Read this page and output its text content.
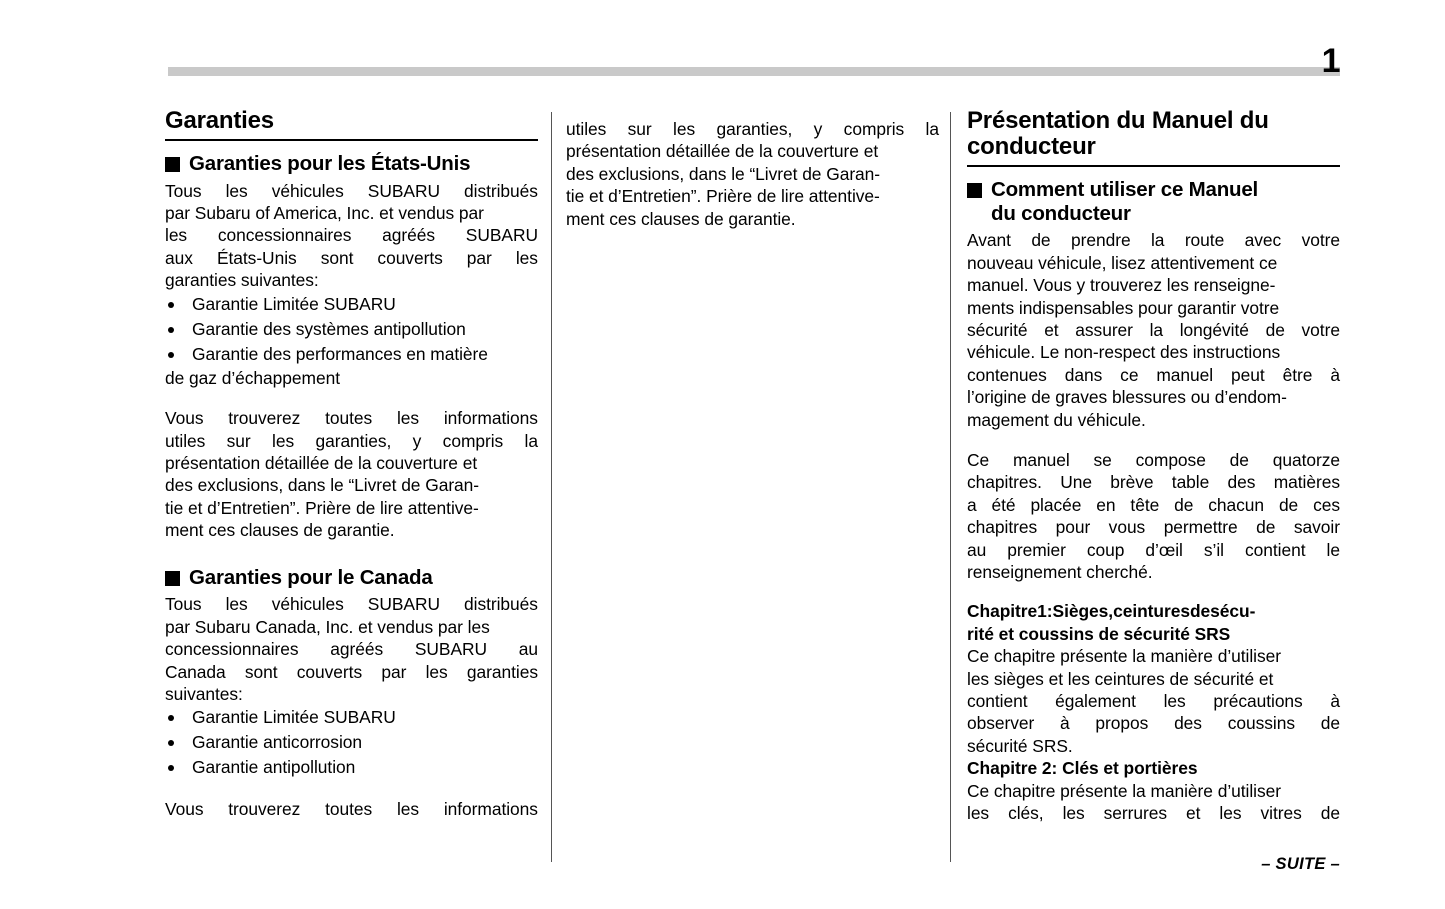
1
Garanties
Garanties pour les États-Unis
Tous les véhicules SUBARU distribués
par Subaru of America, Inc. et vendus par
les concessionnaires agréés SUBARU
aux États-Unis sont couverts par les
garanties suivantes:
Garantie Limitée SUBARU
Garantie des systèmes antipollution
Garantie des performances en matière
de gaz d’échappement
Vous trouverez toutes les informations
utiles sur les garanties, y compris la
présentation détaillée de la couverture et
des exclusions, dans le “Livret de Garan-
tie et d’Entretien”. Prière de lire attentive-
ment ces clauses de garantie.
Garanties pour le Canada
Tous les véhicules SUBARU distribués
par Subaru Canada, Inc. et vendus par les
concessionnaires agréés SUBARU au
Canada sont couverts par les garanties
suivantes:
Garantie Limitée SUBARU
Garantie anticorrosion
Garantie antipollution
Vous trouverez toutes les informations
utiles sur les garanties, y compris la
présentation détaillée de la couverture et
des exclusions, dans le “Livret de Garan-
tie et d’Entretien”. Prière de lire attentive-
ment ces clauses de garantie.
Présentation du Manuel du
conducteur
Comment utiliser ce Manuel
du conducteur
Avant de prendre la route avec votre
nouveau véhicule, lisez attentivement ce
manuel. Vous y trouverez les renseigne-
ments indispensables pour garantir votre
sécurité et assurer la longévité de votre
véhicule. Le non-respect des instructions
contenues dans ce manuel peut être à
l’origine de graves blessures ou d’endom-
magement du véhicule.
Ce manuel se compose de quatorze
chapitres. Une brève table des matières
a été placée en tête de chacun de ces
chapitres pour vous permettre de savoir
au premier coup d’œil s’il contient le
renseignement cherché.
Chapitre1:Sièges,ceinturesdesécu-
rité et coussins de sécurité SRS
Ce chapitre présente la manière d’utiliser
les sièges et les ceintures de sécurité et
contient également les précautions à
observer à propos des coussins de
sécurité SRS.
Chapitre 2: Clés et portières
Ce chapitre présente la manière d’utiliser
les clés, les serrures et les vitres de
– SUITE –
